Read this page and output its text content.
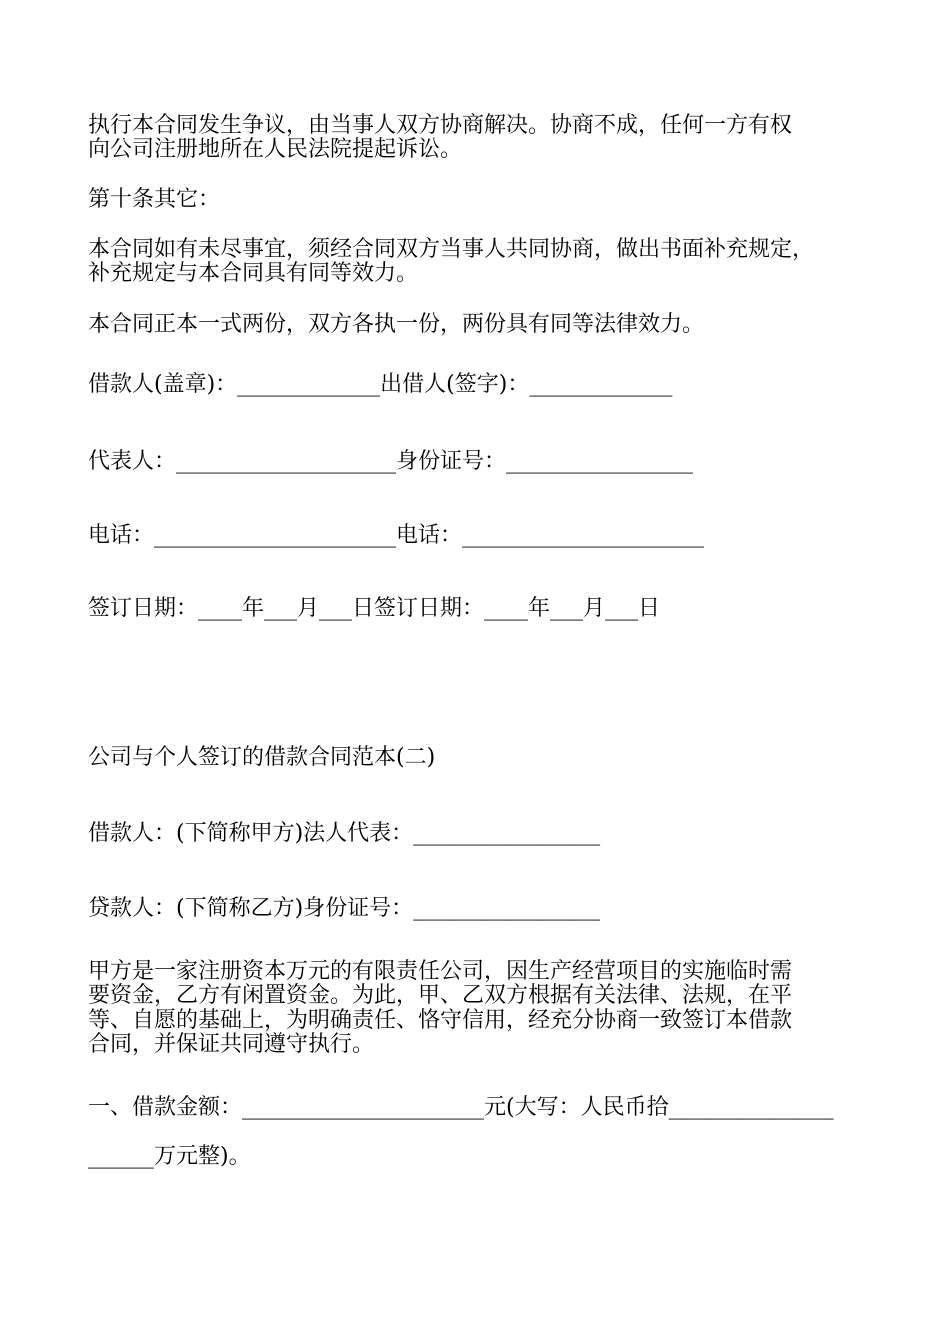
执行本合同发生争议，由当事人双方协商解决。协商不成，任何一方有权

向公司注册地所在人民法院提起诉讼。

第十条其它：

本合同如有未尽事宜，须经合同双方当事人共同协商，做出书面补充规定，

补充规定与本合同具有同等效力。

本合同正本一式两份，双方各执一份，两份具有同等法律效力。

借款人(盖章)：_____________出借人(签字)：_____________

代表人：____________________身份证号：_________________

电话：______________________电话：______________________

签订日期：____年___月___日签订日期：____年___月___日

公司与个人签订的借款合同范本(二)

借款人：(下简称甲方)法人代表：_________________

贷款人：(下简称乙方)身份证号：_________________

甲方是一家注册资本万元的有限责任公司，因生产经营项目的实施临时需

要资金，乙方有闲置资金。为此，甲、乙双方根据有关法律、法规，在平

等、自愿的基础上，为明确责任、恪守信用，经充分协商一致签订本借款

合同，并保证共同遵守执行。

一、借款金额：______________________元(大写：人民币拾_______________

______万元整)。
